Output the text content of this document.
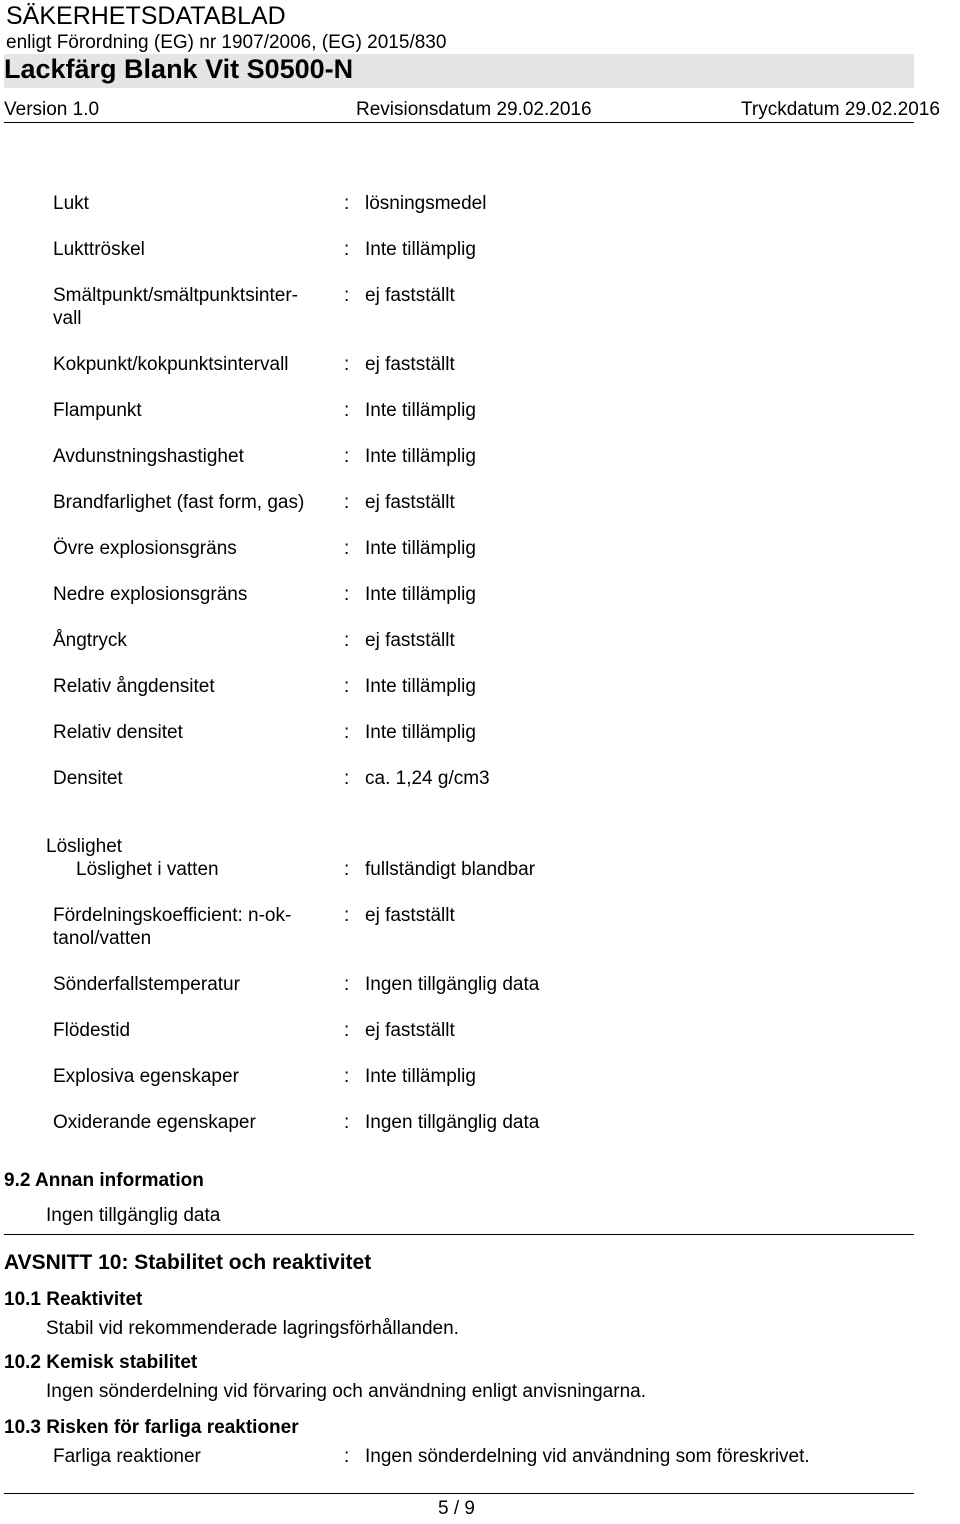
SÄKERHETSDATABLAD
enligt Förordning (EG) nr 1907/2006, (EG) 2015/830
Lackfärg Blank Vit S0500-N
Version 1.0	Revisionsdatum 29.02.2016	Tryckdatum 29.02.2016
Lukt	: lösningsmedel
Lukttröskel	: Inte tillämplig
Smältpunkt/smältpunktsinter-vall
: ej fastställt
Kokpunkt/kokpunktsintervall	: ej fastställt
Flampunkt	: Inte tillämplig
Avdunstningshastighet	: Inte tillämplig
Brandfarlighet (fast form, gas)	: ej fastställt
Övre explosionsgräns	: Inte tillämplig
Nedre explosionsgräns	: Inte tillämplig
Ångtryck	: ej fastställt
Relativ ångdensitet	: Inte tillämplig
Relativ densitet	: Inte tillämplig
Densitet	: ca. 1,24 g/cm3
Löslighet
Löslighet i vatten	: fullständigt blandbar
Fördelningskoefficient: n-ok-tanol/vatten
: ej fastställt
Sönderfallstemperatur	: Ingen tillgänglig data
Flödestid	: ej fastställt
Explosiva egenskaper	: Inte tillämplig
Oxiderande egenskaper	: Ingen tillgänglig data
9.2 Annan information
Ingen tillgänglig data
AVSNITT 10: Stabilitet och reaktivitet
10.1 Reaktivitet
Stabil vid rekommenderade lagringsförhållanden.
10.2 Kemisk stabilitet
Ingen sönderdelning vid förvaring och användning enligt anvisningarna.
10.3 Risken för farliga reaktioner
Farliga reaktioner	: Ingen sönderdelning vid användning som föreskrivet.
5 / 9
